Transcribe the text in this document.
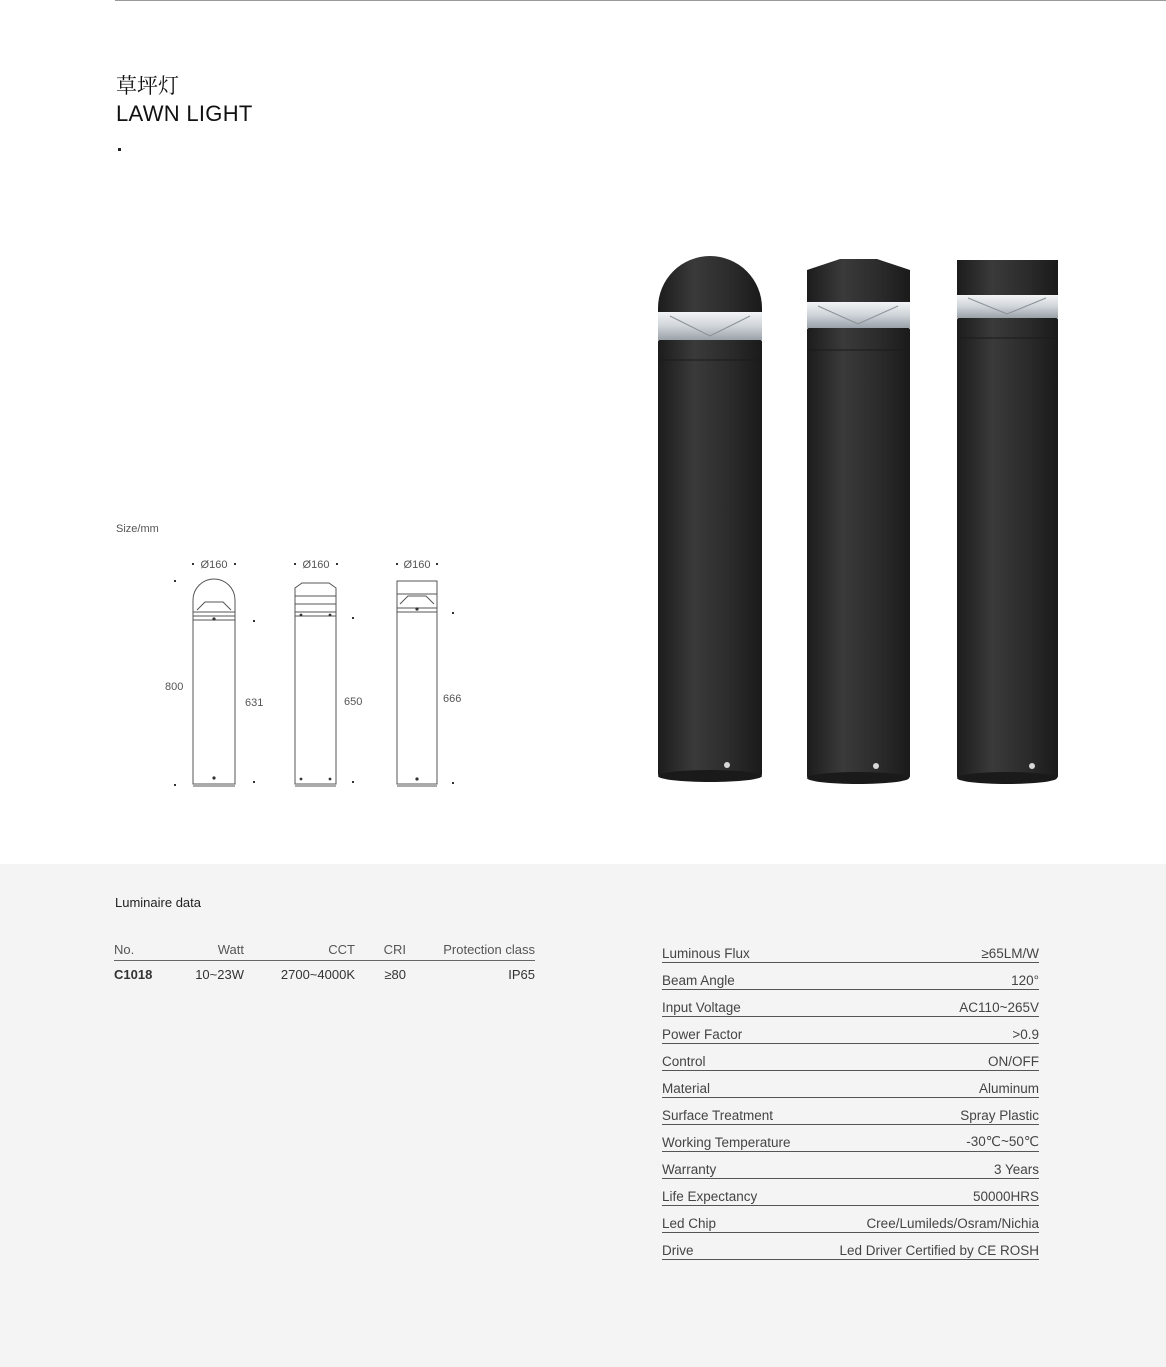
草坪灯
LAWN LIGHT
Size/mm
Ø160	Ø160	Ø160
800
631	650	666
Luminaire data
No.	Watt	CCT	CRI	Protection class
C1018	10~23W	2700~4000K	≥80	IP65
Luminous Flux	≥65LM/W
Beam Angle	120°
Input Voltage	AC110~265V
Power Factor	>0.9
Control	ON/OFF
Material	Aluminum
Surface Treatment	Spray Plastic
Working Temperature	-30℃~50℃
Warranty	3 Years
Life Expectancy	50000HRS
Led Chip	Cree/Lumileds/Osram/Nichia
Drive	Led Driver Certified by CE ROSH
